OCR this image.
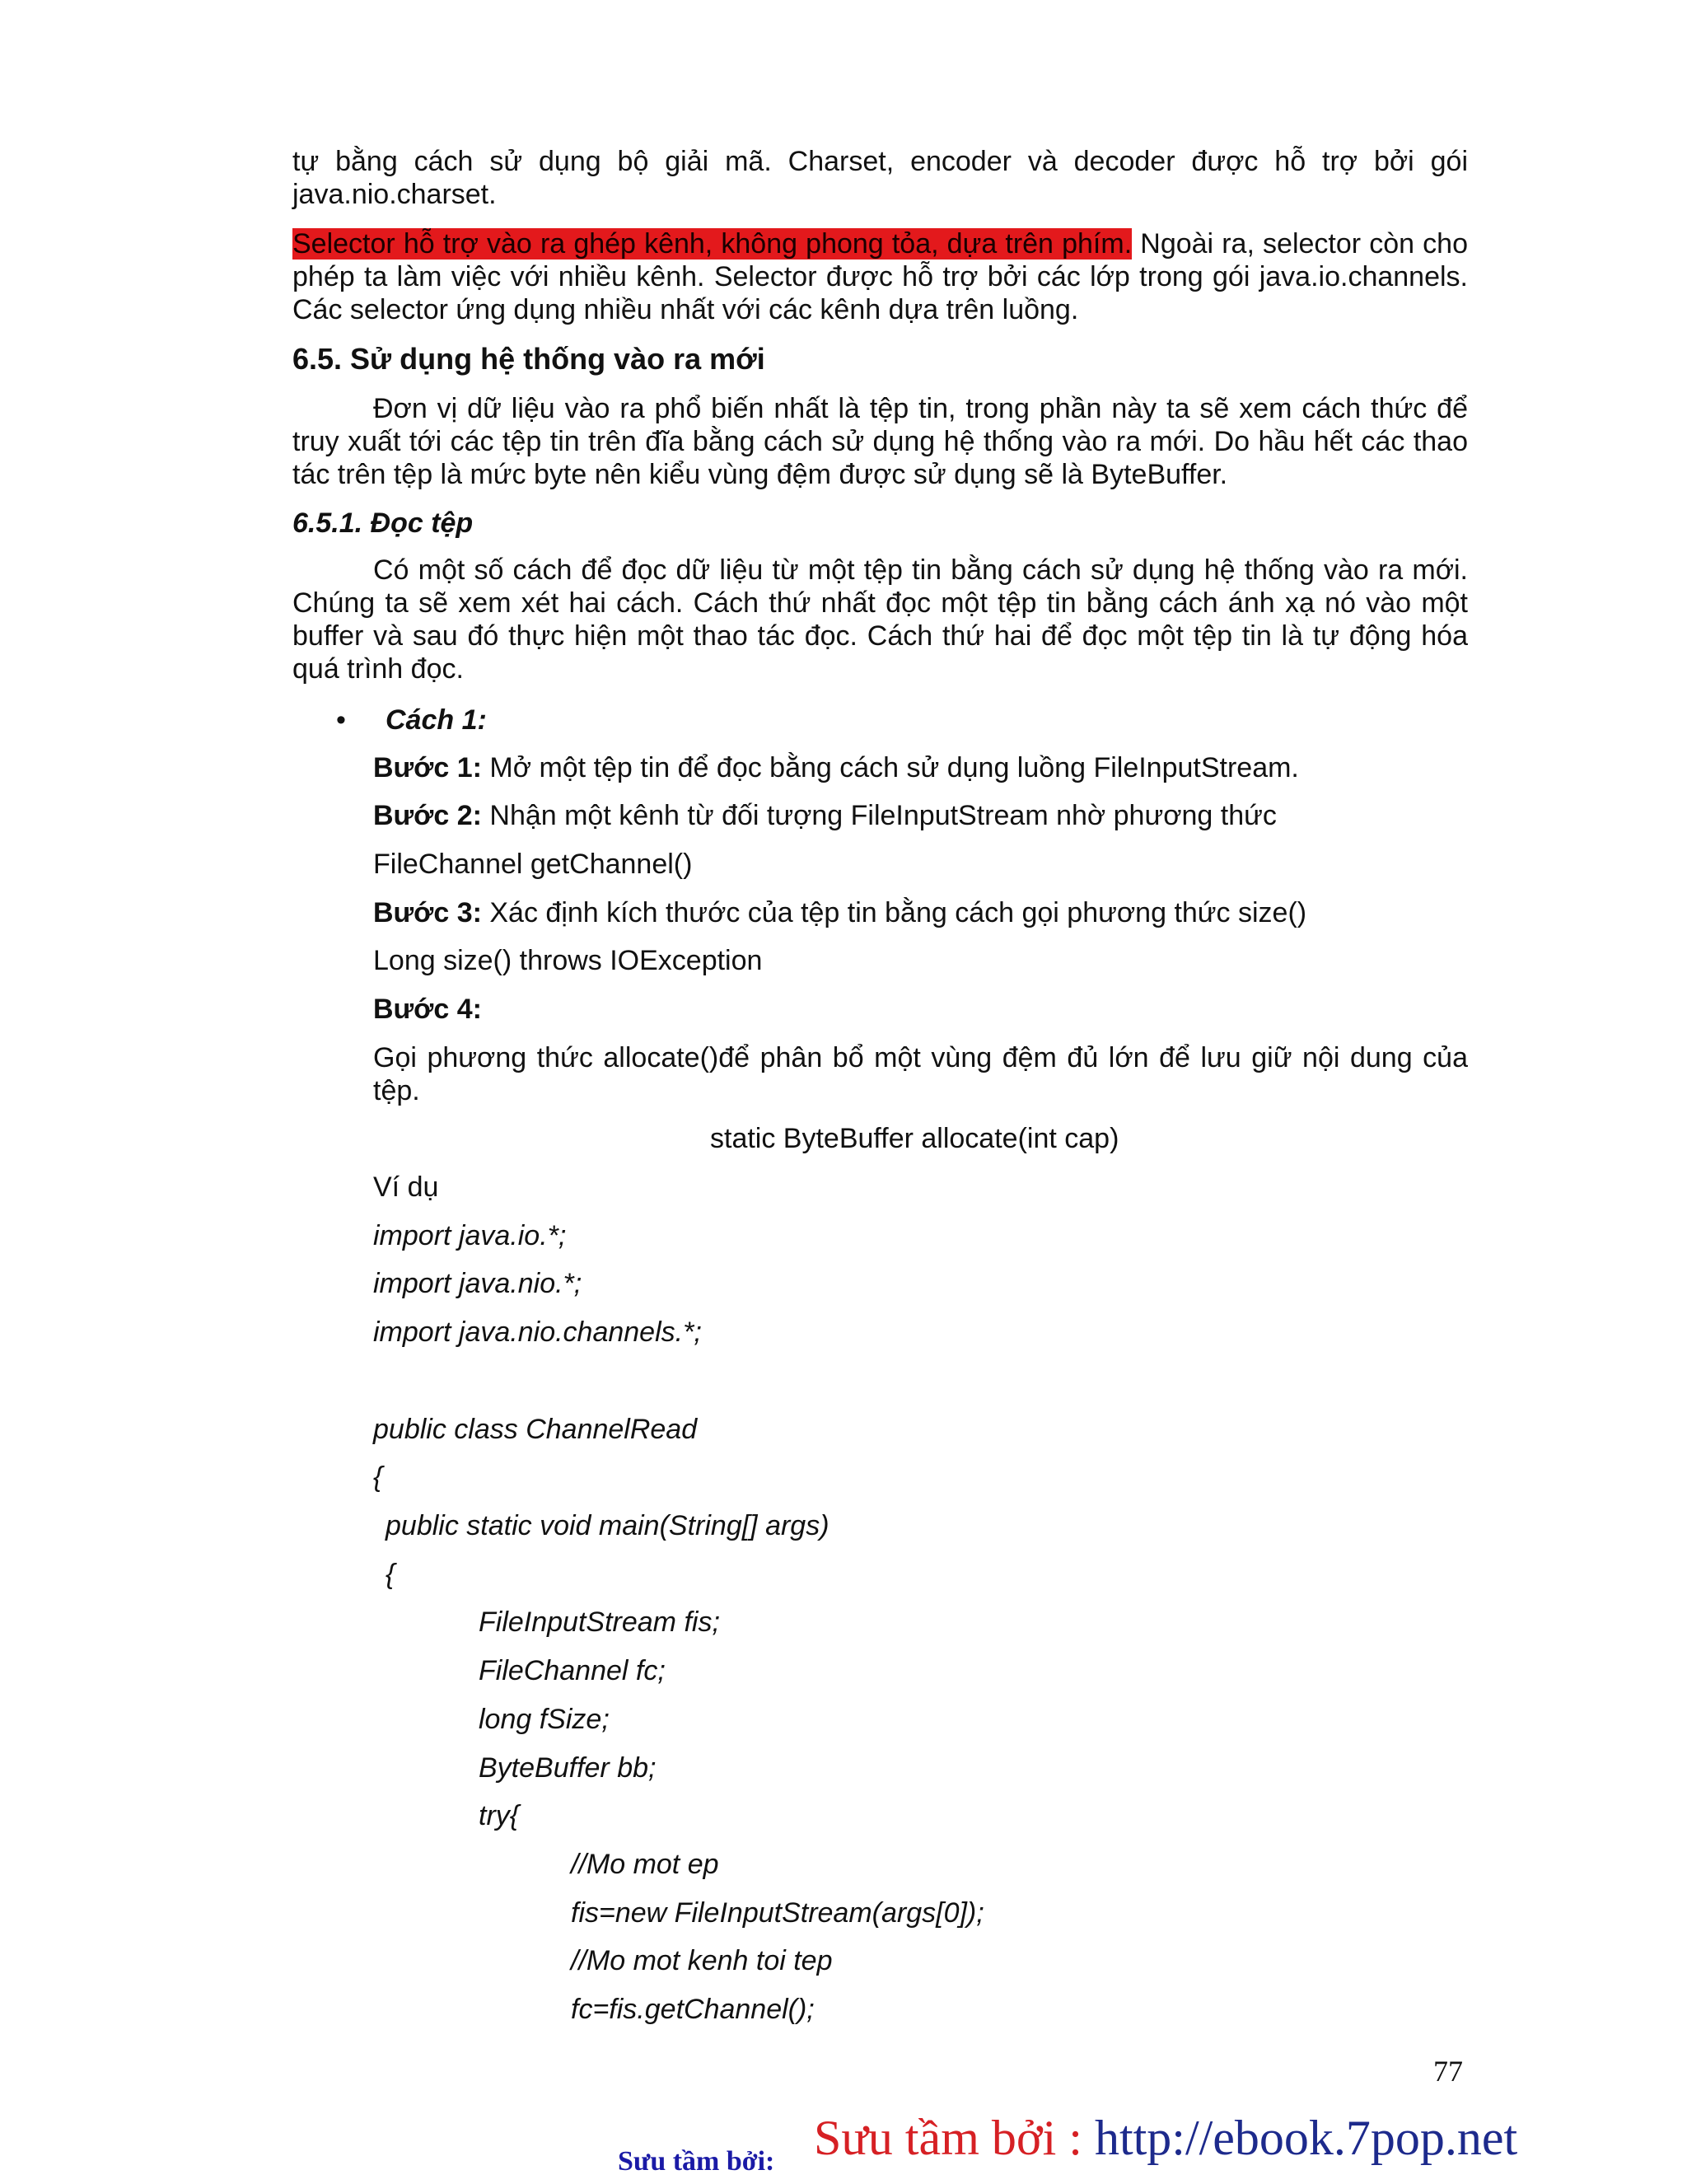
tự bằng cách sử dụng bộ giải mã. Charset, encoder và decoder được hỗ trợ bởi gói java.nio.charset.

Selector hỗ trợ vào ra ghép kênh, không phong tỏa, dựa trên phím. Ngoài ra, selector còn cho phép ta làm việc với nhiều kênh. Selector được hỗ trợ bởi các lớp trong gói java.io.channels. Các selector ứng dụng nhiều nhất với các kênh dựa trên luồng.

6.5. Sử dụng hệ thống vào ra mới

Đơn vị dữ liệu vào ra phổ biến nhất là tệp tin, trong phần này ta sẽ xem cách thức để truy xuất tới các tệp tin trên đĩa bằng cách sử dụng hệ thống vào ra mới. Do hầu hết các thao tác trên tệp là mức byte nên kiểu vùng đệm được sử dụng sẽ là ByteBuffer.

6.5.1. Đọc tệp

Có một số cách để đọc dữ liệu từ một tệp tin bằng cách sử dụng hệ thống vào ra mới. Chúng ta sẽ xem xét hai cách. Cách thứ nhất đọc một tệp tin bằng cách ánh xạ nó vào một buffer và sau đó thực hiện một thao tác đọc. Cách thứ hai để đọc một tệp tin là tự động hóa quá trình đọc.

• Cách 1:

Bước 1: Mở một tệp tin để đọc bằng cách sử dụng luồng FileInputStream.

Bước 2: Nhận một kênh từ đối tượng FileInputStream nhờ phương thức

FileChannel getChannel()

Bước 3: Xác định kích thước của tệp tin bằng cách gọi phương thức size()

Long size() throws IOException

Bước 4:

Gọi phương thức allocate()để phân bổ một vùng đệm đủ lớn để lưu giữ nội dung của tệp.

static ByteBuffer allocate(int cap)

Ví dụ

import java.io.*;

import java.nio.*;

import java.nio.channels.*;

public class ChannelRead

{

public static void main(String[] args)

{

FileInputStream fis;

FileChannel fc;

long fSize;

ByteBuffer bb;

try{

//Mo mot ep

fis=new FileInputStream(args[0]);

//Mo mot kenh toi tep

fc=fis.getChannel();

77

Sưu tầm bởi: Sưu tầm bởi : http://ebook.7pop.net
